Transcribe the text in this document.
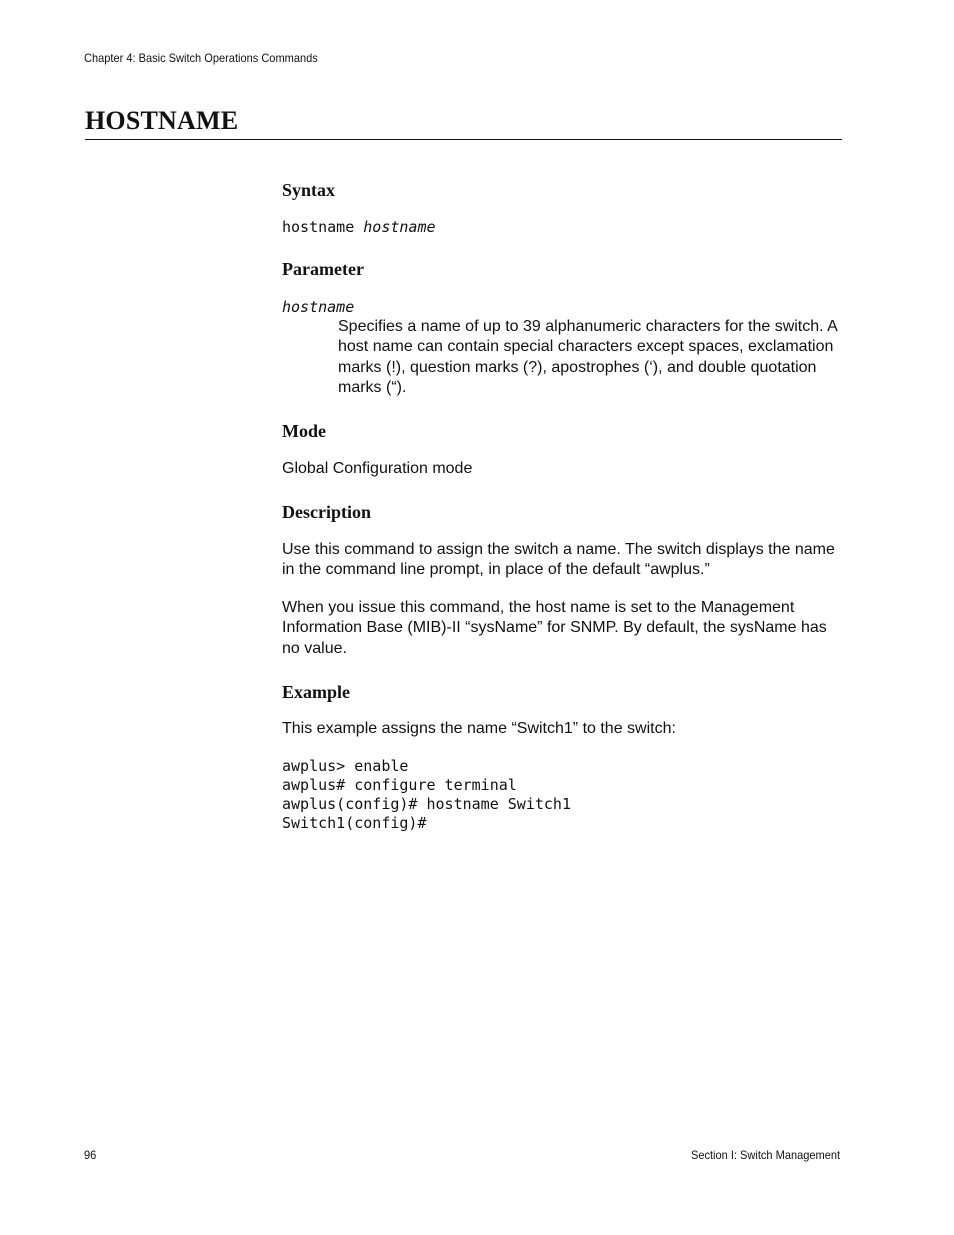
Chapter 4: Basic Switch Operations Commands
HOSTNAME
Syntax
hostname hostname
Parameter
hostname

Specifies a name of up to 39 alphanumeric characters for the switch. A host name can contain special characters except spaces, exclamation marks (!), question marks (?), apostrophes (‘), and double quotation marks (“).

Mode

Global Configuration mode

Description

Use this command to assign the switch a name. The switch displays the name in the command line prompt, in place of the default “awplus.”

When you issue this command, the host name is set to the Management Information Base (MIB)-II “sysName” for SNMP. By default, the sysName has no value.

Example

This example assigns the name “Switch1” to the switch:

awplus> enable
awplus# configure terminal
awplus(config)# hostname Switch1
Switch1(config)#
96	Section I: Switch Management
